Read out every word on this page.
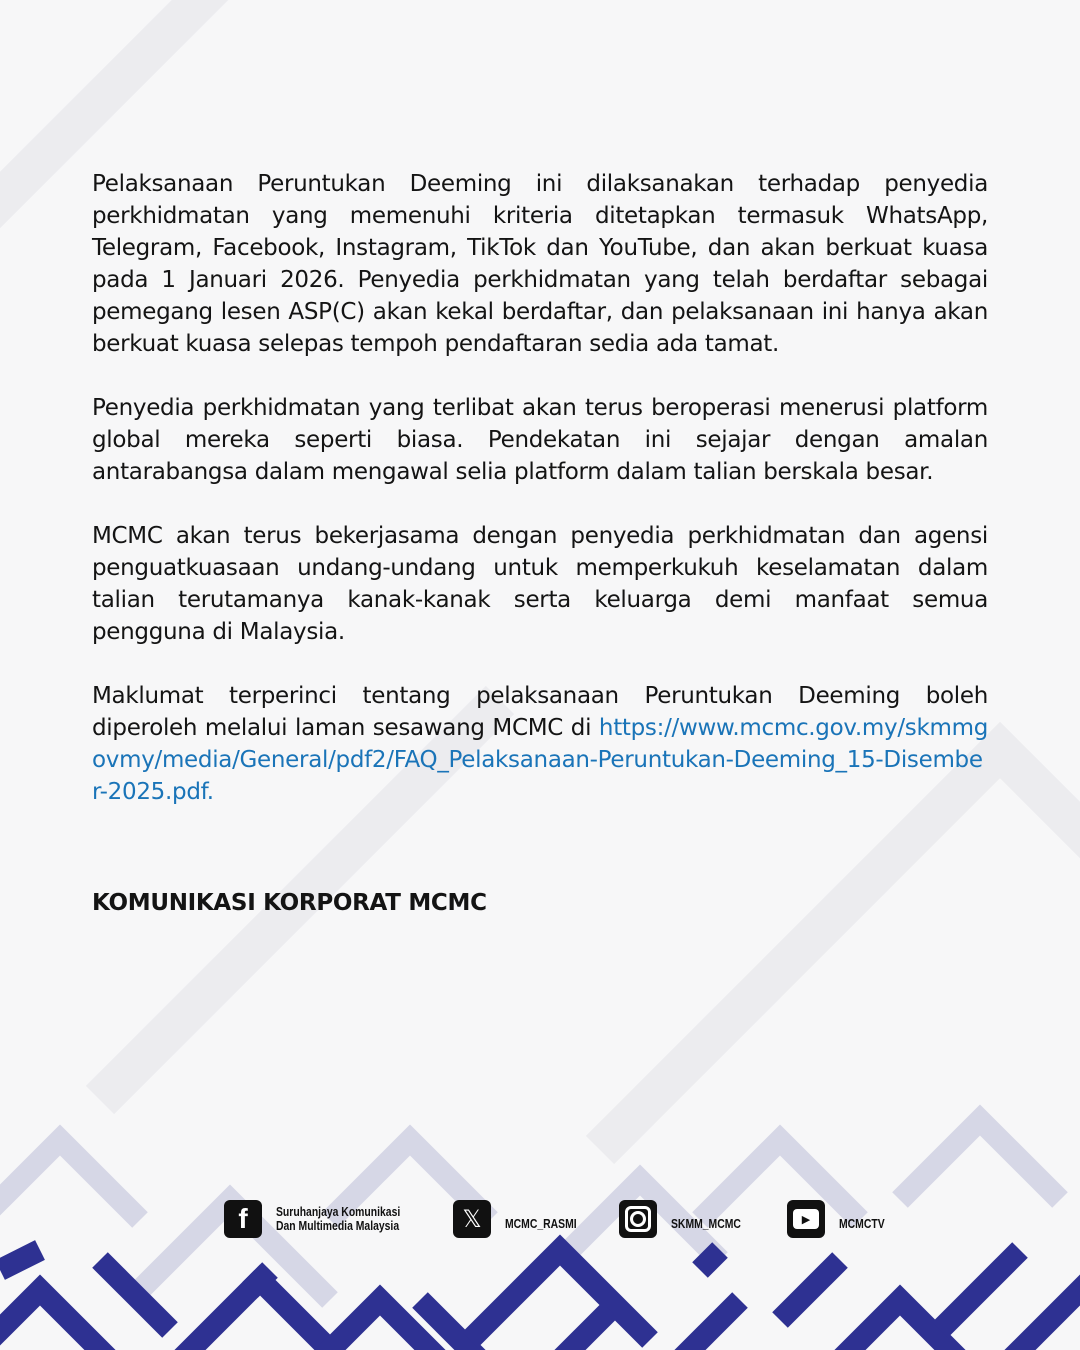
Pelaksanaan Peruntukan Deeming ini dilaksanakan terhadap penyedia perkhidmatan yang memenuhi kriteria ditetapkan termasuk WhatsApp, Telegram, Facebook, Instagram, TikTok dan YouTube, dan akan berkuat kuasa pada 1 Januari 2026. Penyedia perkhidmatan yang telah berdaftar sebagai pemegang lesen ASP(C) akan kekal berdaftar, dan pelaksanaan ini hanya akan berkuat kuasa selepas tempoh pendaftaran sedia ada tamat.

Penyedia perkhidmatan yang terlibat akan terus beroperasi menerusi platform global mereka seperti biasa. Pendekatan ini sejajar dengan amalan antarabangsa dalam mengawal selia platform dalam talian berskala besar.

MCMC akan terus bekerjasama dengan penyedia perkhidmatan dan agensi penguatkuasaan undang-undang untuk memperkukuh keselamatan dalam talian terutamanya kanak-kanak serta keluarga demi manfaat semua pengguna di Malaysia.

Maklumat terperinci tentang pelaksanaan Peruntukan Deeming boleh diperoleh melalui laman sesawang MCMC di https://www.mcmc.gov.my/skmmgovmy/media/General/pdf2/FAQ_Pelaksanaan-Peruntukan-Deeming_15-Disember-2025.pdf.

KOMUNIKASI KORPORAT MCMC
f Suruhanjaya Komunikasi
Dan Multimedia Malaysia	𝕏 MCMC_RASMI	SKMM_MCMC	▶	MCMCTV
